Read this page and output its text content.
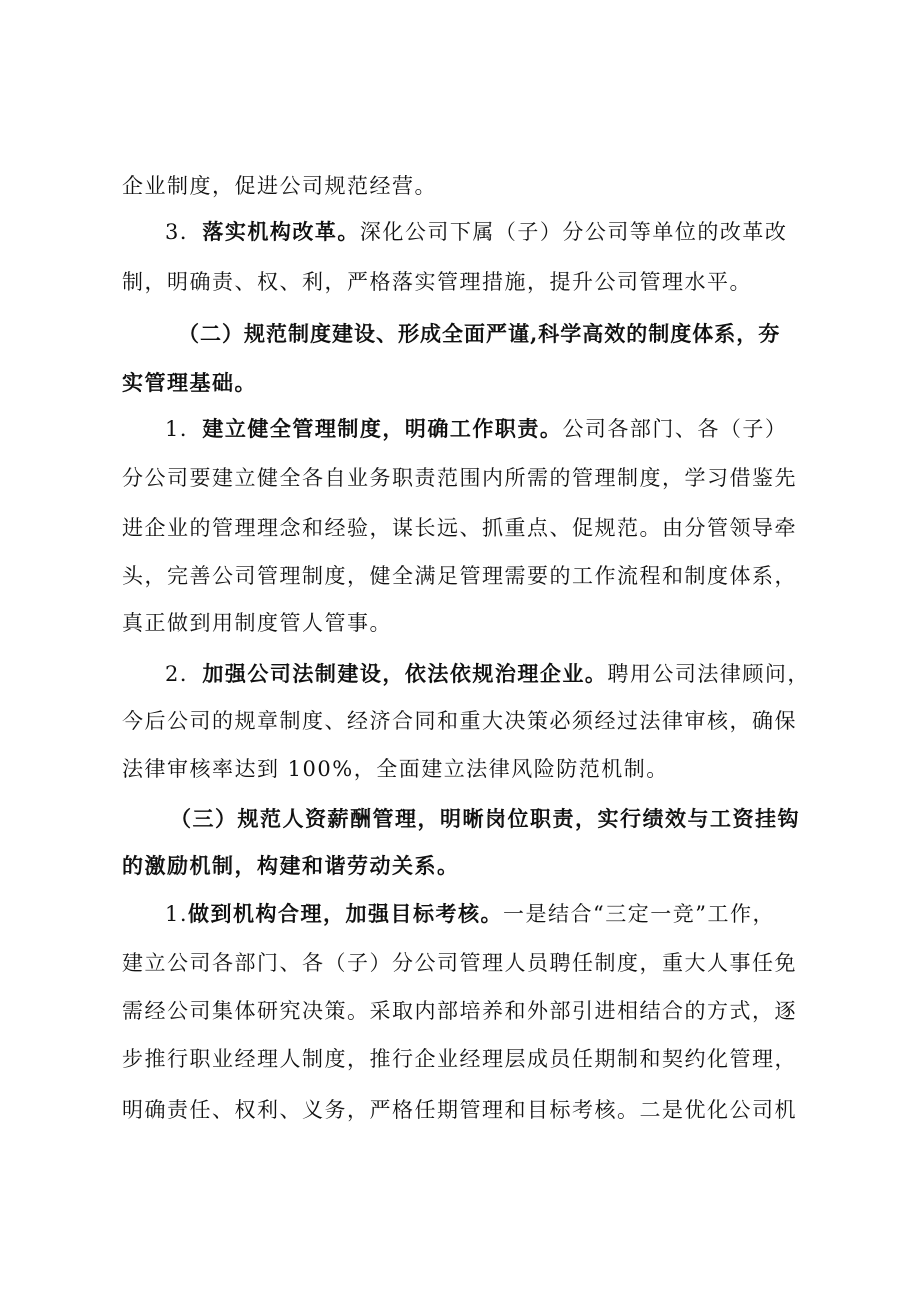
企业制度，促进公司规范经营。
3．落实机构改革。深化公司下属（子）分公司等单位的改革改
制，明确责、权、利，严格落实管理措施，提升公司管理水平。
（二）规范制度建设、形成全面严谨,科学高效的制度体系，夯
实管理基础。
1．建立健全管理制度，明确工作职责。公司各部门、各（子）
分公司要建立健全各自业务职责范围内所需的管理制度，学习借鉴先
进企业的管理理念和经验，谋长远、抓重点、促规范。由分管领导牵
头，完善公司管理制度，健全满足管理需要的工作流程和制度体系，
真正做到用制度管人管事。
2．加强公司法制建设，依法依规治理企业。聘用公司法律顾问，
今后公司的规章制度、经济合同和重大决策必须经过法律审核，确保
法律审核率达到 100%，全面建立法律风险防范机制。
（三）规范人资薪酬管理，明晰岗位职责，实行绩效与工资挂钩
的激励机制，构建和谐劳动关系。
1.做到机构合理，加强目标考核。一是结合“三定一竞”工作，
建立公司各部门、各（子）分公司管理人员聘任制度，重大人事任免
需经公司集体研究决策。采取内部培养和外部引进相结合的方式，逐
步推行职业经理人制度，推行企业经理层成员任期制和契约化管理，
明确责任、权利、义务，严格任期管理和目标考核。二是优化公司机
